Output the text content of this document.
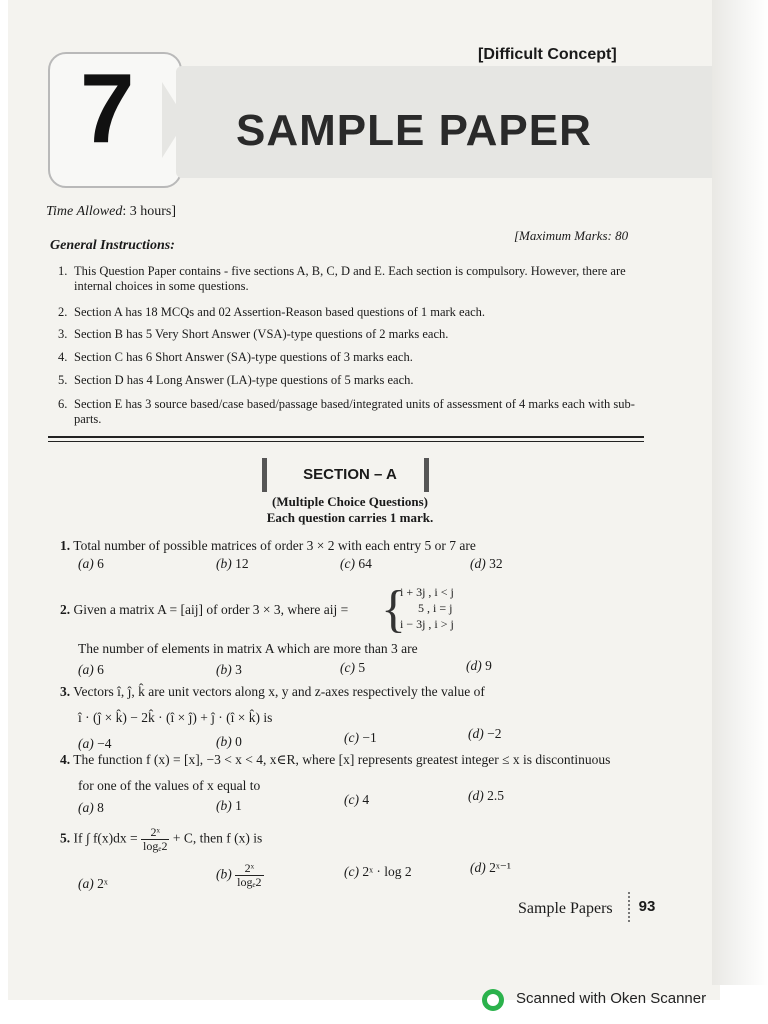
[Difficult Concept]
7 SAMPLE PAPER
Time Allowed: 3 hours]
[Maximum Marks: 80
General Instructions:
1. This Question Paper contains - five sections A, B, C, D and E. Each section is compulsory. However, there are internal choices in some questions.
2. Section A has 18 MCQs and 02 Assertion-Reason based questions of 1 mark each.
3. Section B has 5 Very Short Answer (VSA)-type questions of 2 marks each.
4. Section C has 6 Short Answer (SA)-type questions of 3 marks each.
5. Section D has 4 Long Answer (LA)-type questions of 5 marks each.
6. Section E has 3 source based/case based/passage based/integrated units of assessment of 4 marks each with sub-parts.
SECTION – A
(Multiple Choice Questions)
Each question carries 1 mark.
1. Total number of possible matrices of order 3 × 2 with each entry 5 or 7 are
(a) 6	(b) 12	(c) 64	(d) 32
2. Given a matrix A = [aij] of order 3 × 3, where aij = {
i + 3j , i < j
5 , i = j
i − 3j , i > j
The number of elements in matrix A which are more than 3 are
(a) 6	(b) 3	(c) 5	(d) 9
3. Vectors î, ĵ, k̂ are unit vectors along x, y and z-axes respectively the value of
î · (ĵ × k̂) − 2k̂ · (î × ĵ) + ĵ · (î × k̂) is
(a) −4	(b) 0	(c) −1	(d) −2
4. The function f (x) = [x], −3 < x < 4, x∈R, where [x] represents greatest integer ≤ x is discontinuous
for one of the values of x equal to
(a) 8	(b) 1	(c) 4	(d) 2.5
5. If ∫ $f(x)dx = \frac{\text{2ˣ}}{\text{logₑ2}} + C$, then f (x) is
(a) 2ˣ
$(b) \frac{\text{2ˣ}}{\text{logₑ2}}$	(c) 2ˣ · log 2	(d) 2ˣ⁻¹
Sample Papers	93
Scanned with Oken Scanner
